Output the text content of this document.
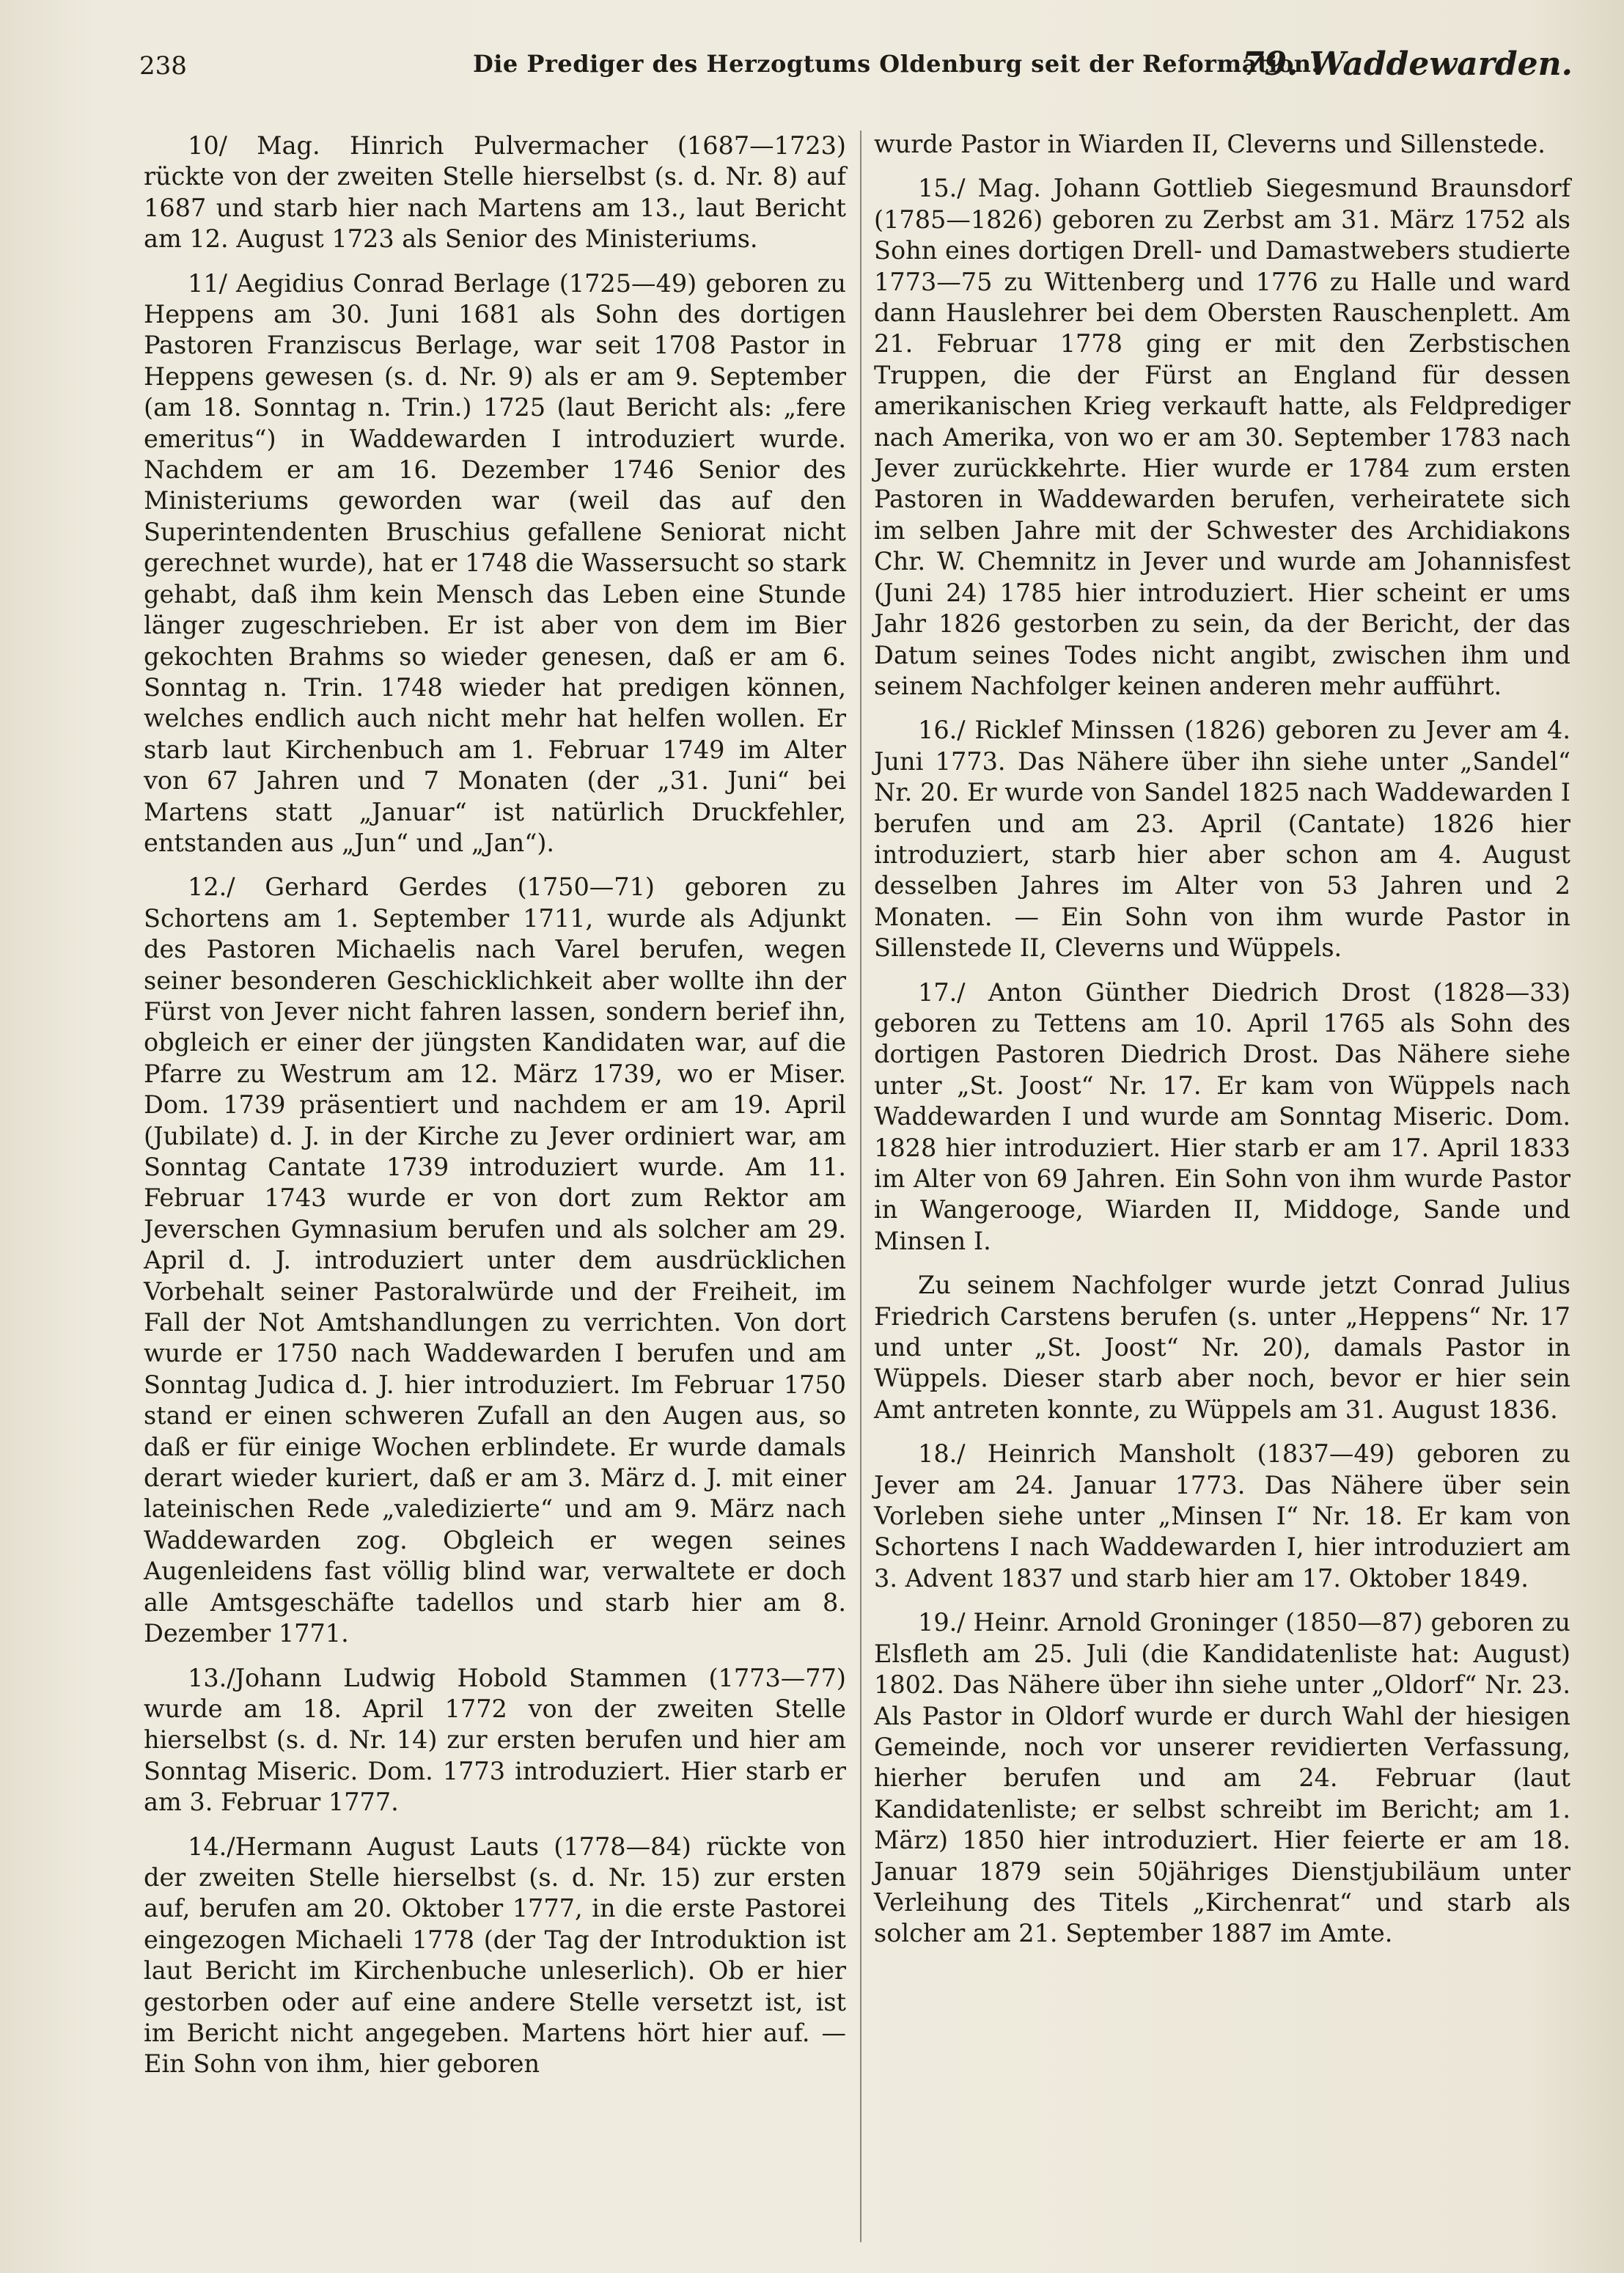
238	Die Prediger des Herzogtums Oldenburg seit der Reformation.
79. Waddewarden.

10/ Mag. Hinrich Pulvermacher (1687—1723) rückte von der zweiten Stelle hierselbst (s. d. Nr. 8) auf 1687 und starb hier nach Martens am 13., laut Bericht am 12. August 1723 als Senior des Ministeriums.

11/ Aegidius Conrad Berlage (1725—49) geboren zu Heppens am 30. Juni 1681 als Sohn des dortigen Pastoren Franziscus Berlage, war seit 1708 Pastor in Heppens gewesen (s. d. Nr. 9) als er am 9. September (am 18. Sonntag n. Trin.) 1725 (laut Bericht als: „fere emeritus“) in Waddewarden I introduziert wurde. Nachdem er am 16. Dezember 1746 Senior des Ministeriums geworden war (weil das auf den Superintendenten Bruschius gefallene Seniorat nicht gerechnet wurde), hat er 1748 die Wassersucht so stark gehabt, daß ihm kein Mensch das Leben eine Stunde länger zugeschrieben. Er ist aber von dem im Bier gekochten Brahms so wieder genesen, daß er am 6. Sonntag n. Trin. 1748 wieder hat predigen können, welches endlich auch nicht mehr hat helfen wollen. Er starb laut Kirchenbuch am 1. Februar 1749 im Alter von 67 Jahren und 7 Monaten (der „31. Juni“ bei Martens statt „Januar“ ist natürlich Druckfehler, entstanden aus „Jun“ und „Jan“).

12./ Gerhard Gerdes (1750—71) geboren zu Schortens am 1. September 1711, wurde als Adjunkt des Pastoren Michaelis nach Varel berufen, wegen seiner besonderen Geschicklichkeit aber wollte ihn der Fürst von Jever nicht fahren lassen, sondern berief ihn, obgleich er einer der jüngsten Kandidaten war, auf die Pfarre zu Westrum am 12. März 1739, wo er Miser. Dom. 1739 präsentiert und nachdem er am 19. April (Jubilate) d. J. in der Kirche zu Jever ordiniert war, am Sonntag Cantate 1739 introduziert wurde. Am 11. Februar 1743 wurde er von dort zum Rektor am Jeverschen Gymnasium berufen und als solcher am 29. April d. J. introduziert unter dem ausdrücklichen Vorbehalt seiner Pastoralwürde und der Freiheit, im Fall der Not Amtshandlungen zu verrichten. Von dort wurde er 1750 nach Waddewarden I berufen und am Sonntag Judica d. J. hier introduziert. Im Februar 1750 stand er einen schweren Zufall an den Augen aus, so daß er für einige Wochen erblindete. Er wurde damals derart wieder kuriert, daß er am 3. März d. J. mit einer lateinischen Rede „valedizierte“ und am 9. März nach Waddewarden zog. Obgleich er wegen seines Augenleidens fast völlig blind war, verwaltete er doch alle Amtsgeschäfte tadellos und starb hier am 8. Dezember 1771.

13./Johann Ludwig Hobold Stammen (1773—77) wurde am 18. April 1772 von der zweiten Stelle hierselbst (s. d. Nr. 14) zur ersten berufen und hier am Sonntag Miseric. Dom. 1773 introduziert. Hier starb er am 3. Februar 1777.

14./Hermann August Lauts (1778—84) rückte von der zweiten Stelle hierselbst (s. d. Nr. 15) zur ersten auf, berufen am 20. Oktober 1777, in die erste Pastorei eingezogen Michaeli 1778 (der Tag der Introduktion ist laut Bericht im Kirchenbuche unleserlich). Ob er hier gestorben oder auf eine andere Stelle versetzt ist, ist im Bericht nicht angegeben. Martens hört hier auf. — Ein Sohn von ihm, hier geboren

wurde Pastor in Wiarden II, Cleverns und Sillenstede.

15./ Mag. Johann Gottlieb Siegesmund Braunsdorf (1785—1826) geboren zu Zerbst am 31. März 1752 als Sohn eines dortigen Drell- und Damastwebers studierte 1773—75 zu Wittenberg und 1776 zu Halle und ward dann Hauslehrer bei dem Obersten Rauschenplett. Am 21. Februar 1778 ging er mit den Zerbstischen Truppen, die der Fürst an England für dessen amerikanischen Krieg verkauft hatte, als Feldprediger nach Amerika, von wo er am 30. September 1783 nach Jever zurückkehrte. Hier wurde er 1784 zum ersten Pastoren in Waddewarden berufen, verheiratete sich im selben Jahre mit der Schwester des Archidiakons Chr. W. Chemnitz in Jever und wurde am Johannisfest (Juni 24) 1785 hier introduziert. Hier scheint er ums Jahr 1826 gestorben zu sein, da der Bericht, der das Datum seines Todes nicht angibt, zwischen ihm und seinem Nachfolger keinen anderen mehr aufführt.

16./ Ricklef Minssen (1826) geboren zu Jever am 4. Juni 1773. Das Nähere über ihn siehe unter „Sandel“ Nr. 20. Er wurde von Sandel 1825 nach Waddewarden I berufen und am 23. April (Cantate) 1826 hier introduziert, starb hier aber schon am 4. August desselben Jahres im Alter von 53 Jahren und 2 Monaten. — Ein Sohn von ihm wurde Pastor in Sillenstede II, Cleverns und Wüppels.

17./ Anton Günther Diedrich Drost (1828—33) geboren zu Tettens am 10. April 1765 als Sohn des dortigen Pastoren Diedrich Drost. Das Nähere siehe unter „St. Joost“ Nr. 17. Er kam von Wüppels nach Waddewarden I und wurde am Sonntag Miseric. Dom. 1828 hier introduziert. Hier starb er am 17. April 1833 im Alter von 69 Jahren. Ein Sohn von ihm wurde Pastor in Wangerooge, Wiarden II, Middoge, Sande und Minsen I.

Zu seinem Nachfolger wurde jetzt Conrad Julius Friedrich Carstens berufen (s. unter „Heppens“ Nr. 17 und unter „St. Joost“ Nr. 20), damals Pastor in Wüppels. Dieser starb aber noch, bevor er hier sein Amt antreten konnte, zu Wüppels am 31. August 1836.

18./ Heinrich Mansholt (1837—49) geboren zu Jever am 24. Januar 1773. Das Nähere über sein Vorleben siehe unter „Minsen I“ Nr. 18. Er kam von Schortens I nach Waddewarden I, hier introduziert am 3. Advent 1837 und starb hier am 17. Oktober 1849.

19./ Heinr. Arnold Groninger (1850—87) geboren zu Elsfleth am 25. Juli (die Kandidatenliste hat: August) 1802. Das Nähere über ihn siehe unter „Oldorf“ Nr. 23. Als Pastor in Oldorf wurde er durch Wahl der hiesigen Gemeinde, noch vor unserer revidierten Verfassung, hierher berufen und am 24. Februar (laut Kandidatenliste; er selbst schreibt im Bericht; am 1. März) 1850 hier introduziert. Hier feierte er am 18. Januar 1879 sein 50jähriges Dienstjubiläum unter Verleihung des Titels „Kirchenrat“ und starb als solcher am 21. September 1887 im Amte.
